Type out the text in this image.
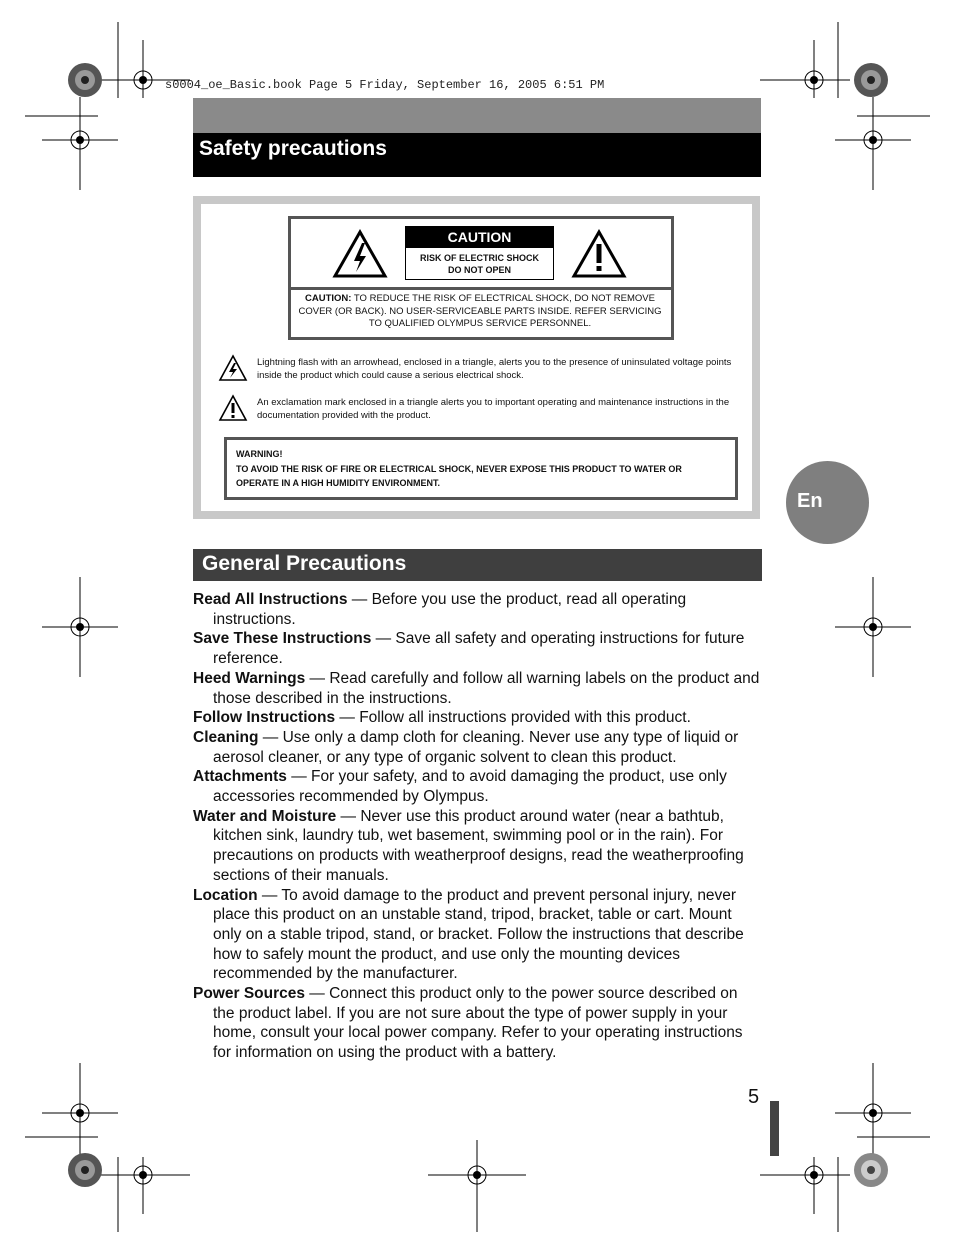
s0004_oe_Basic.book Page 5 Friday, September 16, 2005 6:51 PM
Safety precautions
CAUTION
RISK OF ELECTRIC SHOCK
DO NOT OPEN
CAUTION: TO REDUCE THE RISK OF ELECTRICAL SHOCK, DO NOT REMOVE COVER (OR BACK). NO USER-SERVICEABLE PARTS INSIDE. REFER SERVICING TO QUALIFIED OLYMPUS SERVICE PERSONNEL.
Lightning flash with an arrowhead, enclosed in a triangle, alerts you to the presence of uninsulated voltage points inside the product which could cause a serious electrical shock.
An exclamation mark enclosed in a triangle alerts you to important operating and maintenance instructions in the documentation provided with the product.
WARNING!
TO AVOID THE RISK OF FIRE OR ELECTRICAL SHOCK, NEVER EXPOSE THIS PRODUCT TO WATER OR OPERATE IN A HIGH HUMIDITY ENVIRONMENT.
En
General Precautions

Read All Instructions — Before you use the product, read all operating instructions.

Save These Instructions — Save all safety and operating instructions for future reference.

Heed Warnings — Read carefully and follow all warning labels on the product and those described in the instructions.

Follow Instructions — Follow all instructions provided with this product.

Cleaning — Use only a damp cloth for cleaning. Never use any type of liquid or aerosol cleaner, or any type of organic solvent to clean this product.

Attachments — For your safety, and to avoid damaging the product, use only accessories recommended by Olympus.

Water and Moisture — Never use this product around water (near a bathtub, kitchen sink, laundry tub, wet basement, swimming pool or in the rain). For precautions on products with weatherproof designs, read the weatherproofing sections of their manuals.

Location — To avoid damage to the product and prevent personal injury, never place this product on an unstable stand, tripod, bracket, table or cart. Mount only on a stable tripod, stand, or bracket. Follow the instructions that describe how to safely mount the product, and use only the mounting devices recommended by the manufacturer.

Power Sources — Connect this product only to the power source described on the product label. If you are not sure about the type of power supply in your home, consult your local power company. Refer to your operating instructions for information on using the product with a battery.

5
